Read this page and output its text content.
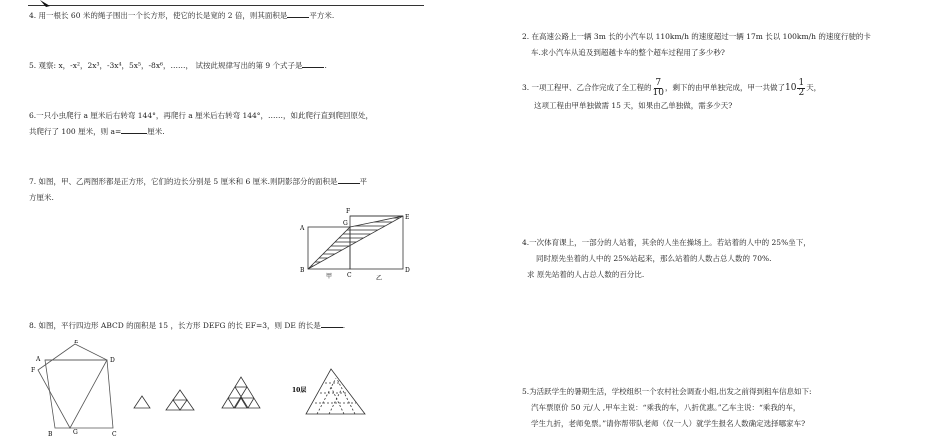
4. 用一根长 60 米的绳子围出一个长方形，使它的长是宽的 2 倍，则其面积是	平方米.
5. 观察: x，-x²，2x³，-3x⁴，5x⁵，-8x⁶，……， 试按此规律写出的第 9 个式子是	.
6.一只小虫爬行 a 厘米后右转弯 144°，再爬行 a 厘米后右转弯 144°，……，如此爬行直到爬回原处，
共爬行了 100 厘米，则 a=	厘米.
7. 如图，甲、乙两图形都是正方形，它们的边长分别是 5 厘米和 6 厘米.则阴影部分的面积是	平
方厘米.
A
B
C
D
E
F
G
甲	乙
8. 如图，平行四边形 ABCD 的面积是 15 ，长方形 DEFG 的长 EF=3，则 DE 的长是	.
E
A
F
D
B	G	C
10层
2. 在高速公路上一辆 3m 长的小汽车以 110km/h 的速度超过一辆 17m 长以 100km/h 的速度行驶的卡
车.求小汽车从追及到超越卡车的整个超车过程用了多少秒?
3. 一项工程甲、乙合作完成了全工程的 $\frac{7}{10}$ ，剩下的由甲单独完成，甲一共做了$10 \frac{1}{2}$ 天，
这项工程由甲单独做需 15 天，如果由乙单独做，需多少天?
4.一次体育课上，一部分的人站着，其余的人坐在操场上。若站着的人中的 25%坐下，
同时原先坐着的人中的 25%站起来，那么站着的人数占总人数的 70%.
求 原先站着的人占总人数的百分比.
5.为活跃学生的暑期生活，学校组织一个农村社会调查小组,出发之前得到租车信息如下:
汽车票原价 50 元/人 ,甲车主说：“乘我的车，八折优惠。”乙车主说：“乘我的车，
学生九折，老师免票。”请你帮带队老师（仅一人）就学生报名人数确定选择哪家车?
